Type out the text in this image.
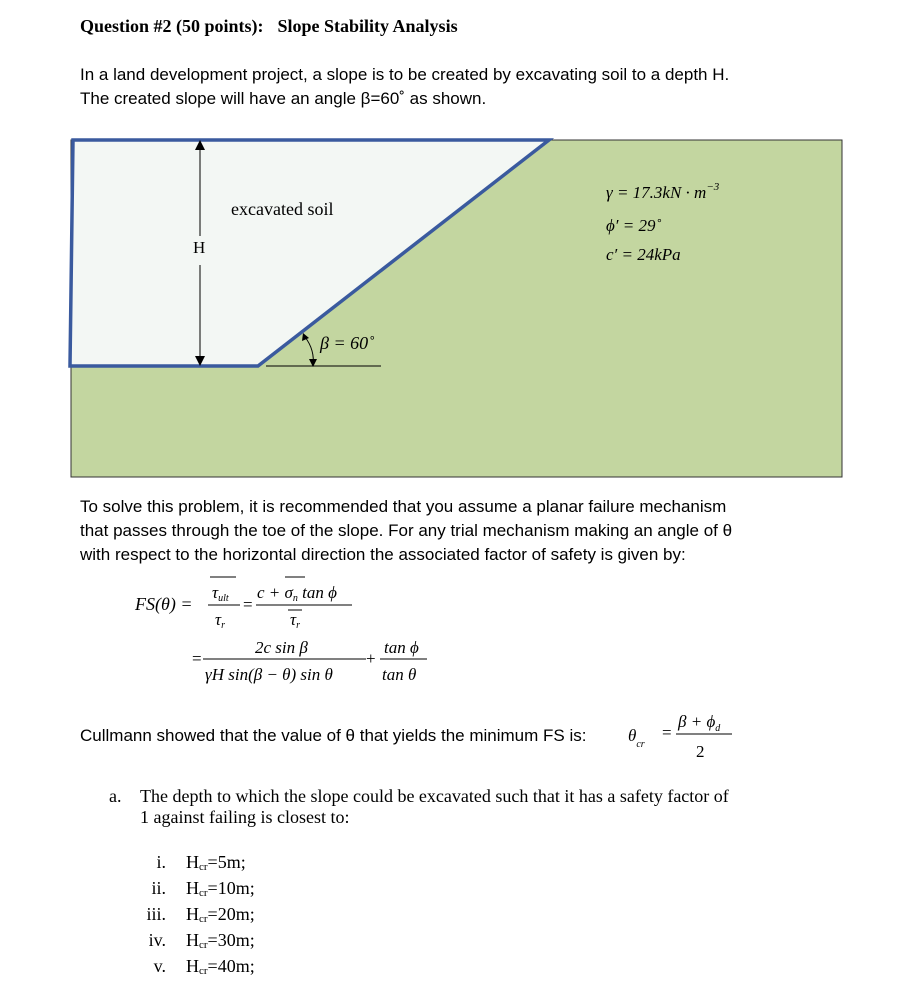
Question #2 (50 points): Slope Stability Analysis
In a land development project, a slope is to be created by excavating soil to a depth H.
The created slope will have an angle β=60˚ as shown.
H
β = 60˚
excavated soil
$\gamma = 17.3kN \cdot m^{-3}$
ϕ′ = 29˚
c′ = 24kPa
To solve this problem, it is recommended that you assume a planar failure mechanism
that passes through the toe of the slope. For any trial mechanism making an angle of θ
with respect to the horizontal direction the associated factor of safety is given by:
FS(θ) =
τult
τr
=
c + σn tan ϕ
τr
=
2c sin β
γH sin(β − θ) sin θ
+
tan ϕ
tan θ
Cullmann showed that the value of θ that yields the minimum FS is: $\theta_{cr}$
=
$\beta + \phi_d$
2
a. The depth to which the slope could be excavated such that it has a safety factor of
1 against failing is closest to:
i. $H_{cr}=5m$;
ii. $H_{cr}=10m$;
iii. $H_{cr}=20m$;
iv. $H_{cr}=30m$;
v. $H_{cr}=40m$;
